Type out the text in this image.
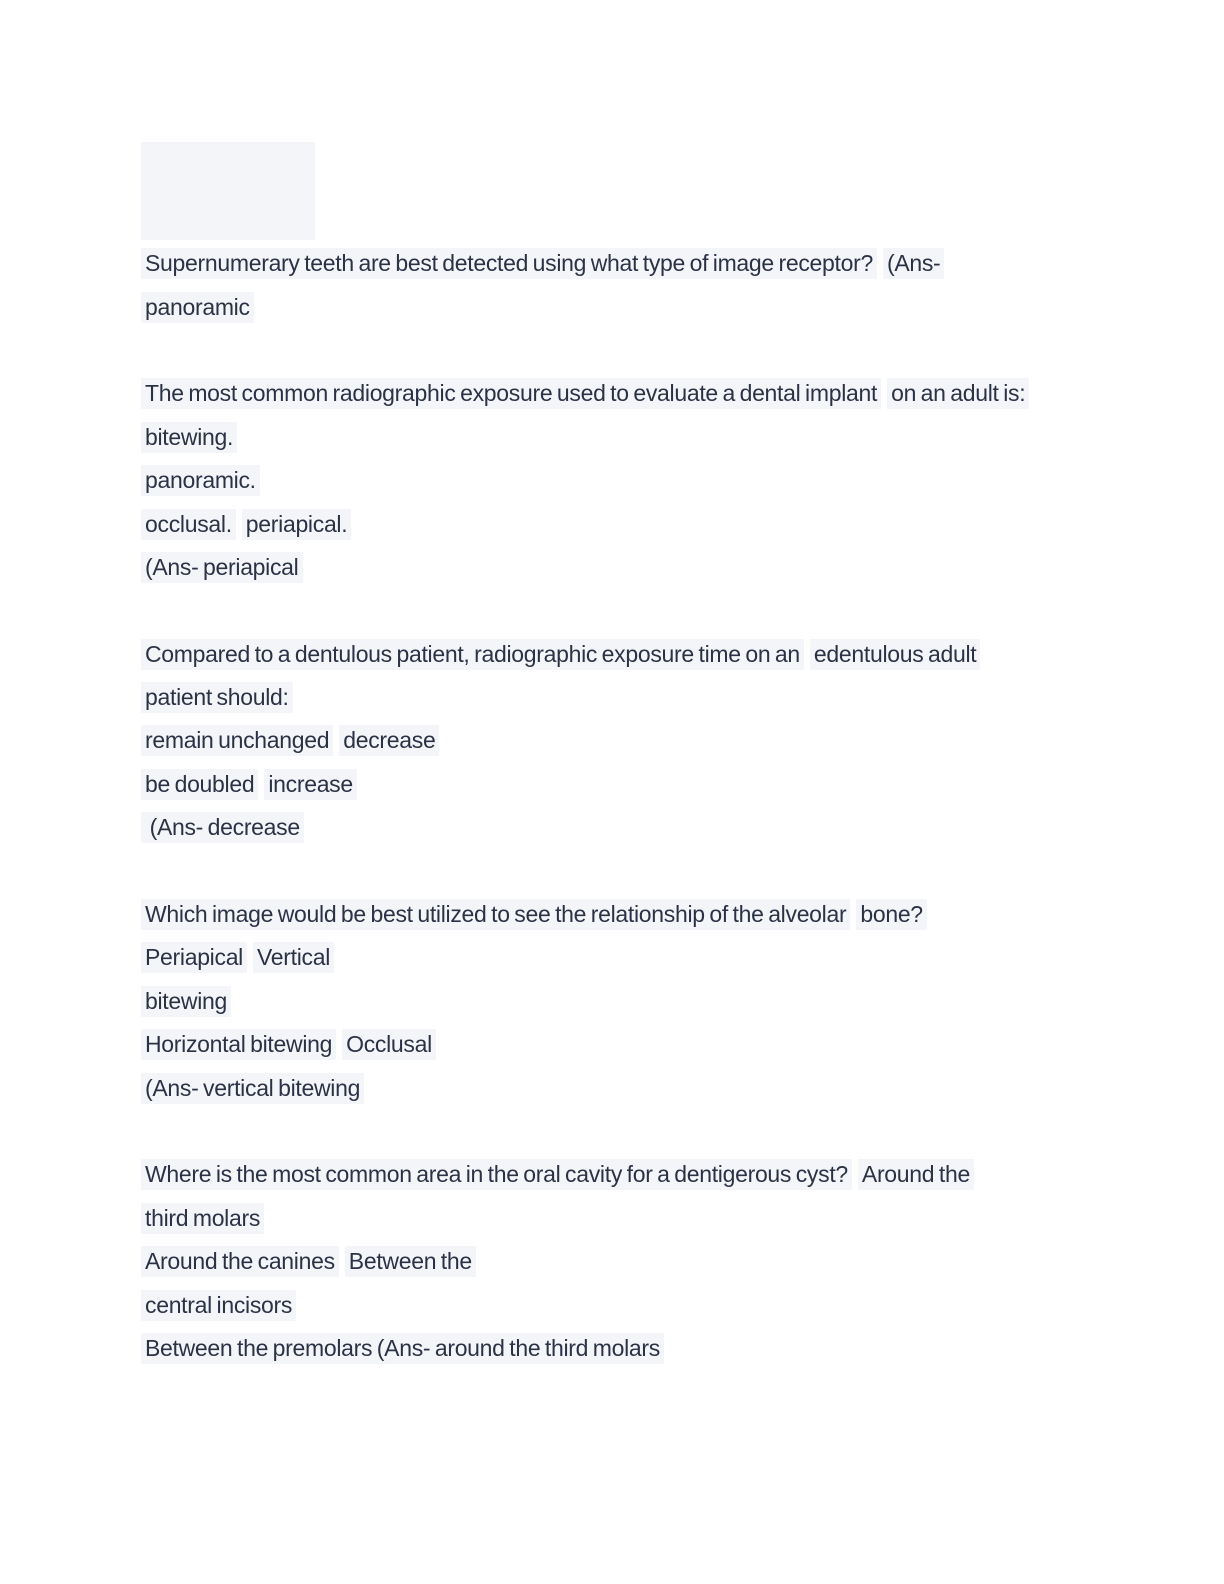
Supernumerary teeth are best detected using what type of image receptor? (Ans-
panoramic
The most common radiographic exposure used to evaluate a dental implant on an adult is:
bitewing.
panoramic.
occlusal. periapical.
(Ans- periapical
Compared to a dentulous patient, radiographic exposure time on an edentulous adult
patient should:
remain unchanged decrease
be doubled increase
(Ans- decrease
Which image would be best utilized to see the relationship of the alveolar bone?
Periapical Vertical
bitewing
Horizontal bitewing Occlusal
(Ans- vertical bitewing
Where is the most common area in the oral cavity for a dentigerous cyst? Around the
third molars
Around the canines Between the
central incisors
Between the premolars (Ans- around the third molars
